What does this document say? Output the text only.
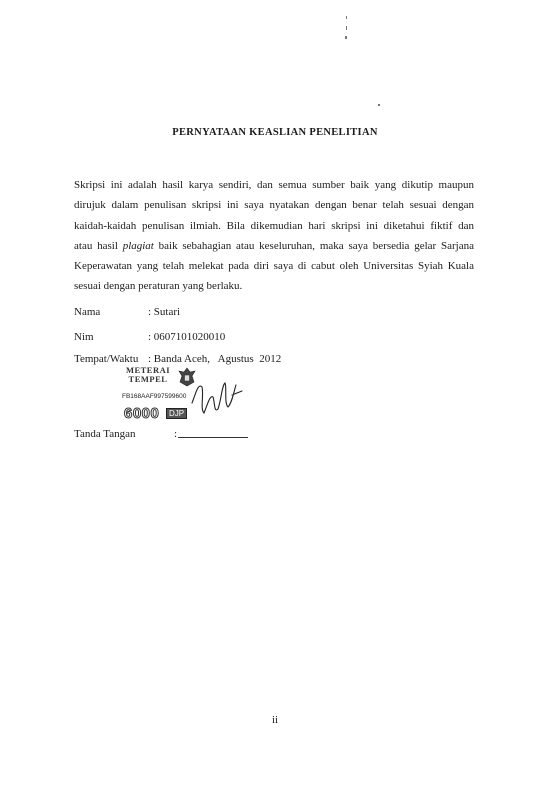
PERNYATAAN KEASLIAN PENELITIAN
Skripsi ini adalah hasil karya sendiri, dan semua sumber baik yang dikutip maupun
dirujuk dalam penulisan skripsi ini saya nyatakan dengan benar telah sesuai dengan
kaidah-kaidah penulisan ilmiah. Bila dikemudian hari skripsi ini diketahui fiktif dan
atau hasil plagiat baik sebahagian atau keseluruhan, maka saya bersedia gelar Sarjana
Keperawatan yang telah melekat pada diri saya di cabut oleh Universitas Syiah Kuala
sesuai dengan peraturan yang berlaku.
Nama	: Sutari
Nim	: 0607101020010
Tempat/Waktu : Banda Aceh,   Agustus  2012
METERAI
TEMPEL
FB168AAF997599600
6000	DJP
Tanda Tangan	:
ii
